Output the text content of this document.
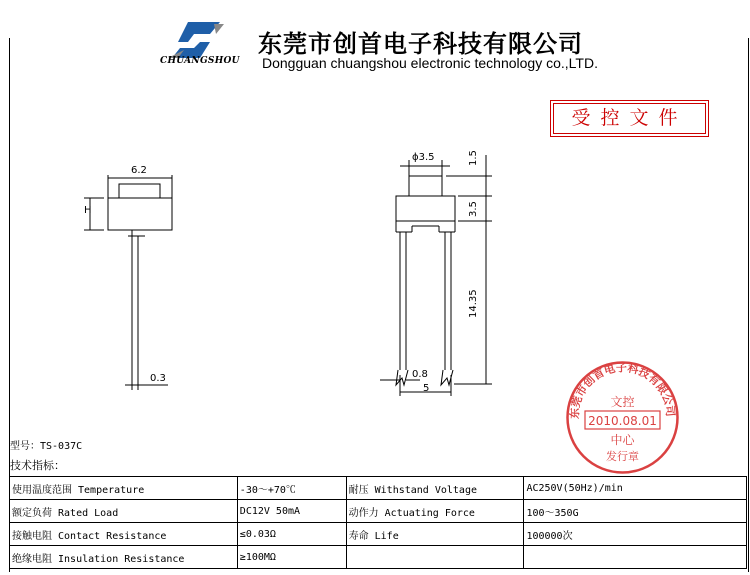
CHUANGSHOU
东莞市创首电子科技有限公司
Dongguan chuangshou electronic technology co.,LTD.
受控文件
6.2
H
0.3
ϕ3.5	1.5
3.5
14.35
0.8
5
型号：TS-037C
技术指标：
使用温度范围 Temperature	-30～+70℃	耐压 Withstand Voltage	AC250V(50Hz)/min
额定负荷 Rated Load	DC12V 50mA	动作力 Actuating Force	100～350G
接触电阻 Contact Resistance	≤0.03Ω	寿命 Life	100000次
绝缘电阻 Insulation Resistance	≥100MΩ		
东莞市创首电子科技有限公司
文控
2010.08.01
中心
发行章
